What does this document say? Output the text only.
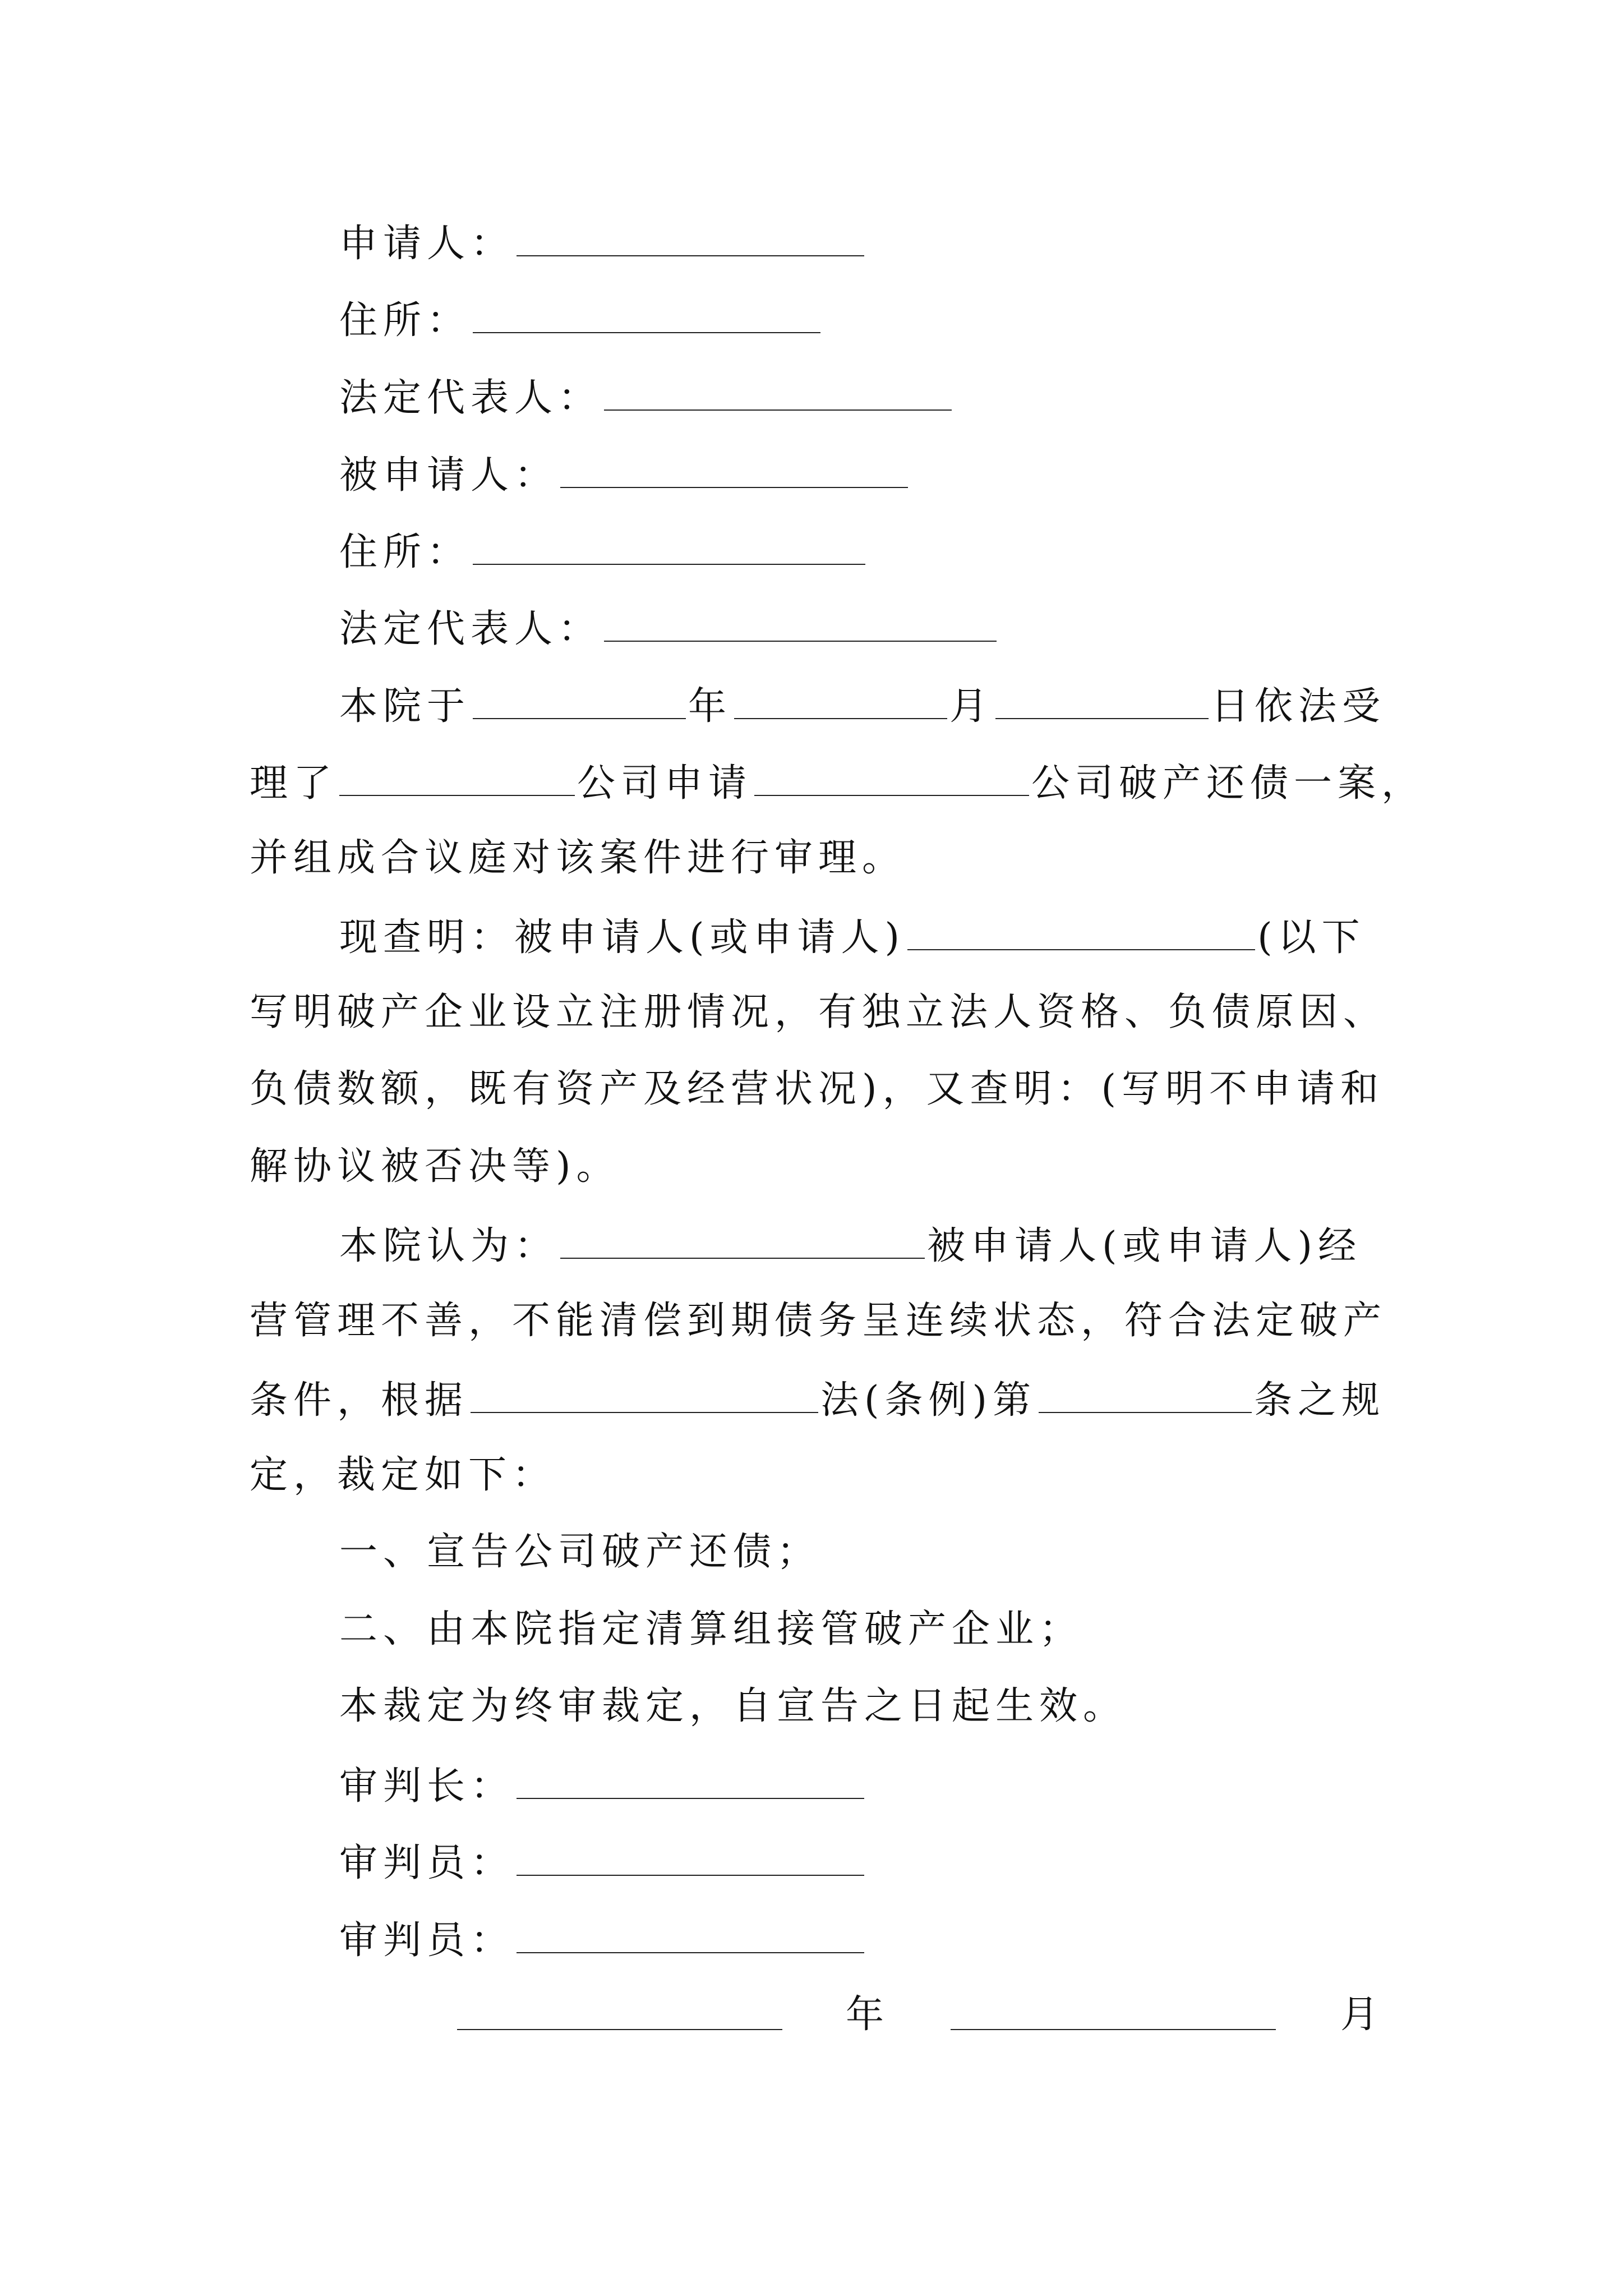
申请人：

住所：

法定代表人：

被申请人：

住所：

法定代表人：

本院于	年	月	日依法受

理了	公司申请	公司破产还债一案，

并组成合议庭对该案件进行审理。

现查明：被申请人(或申请人)	(以下

写明破产企业设立注册情况，有独立法人资格、负债原因、

负债数额，既有资产及经营状况)，又查明：(写明不申请和

解协议被否决等)。

本院认为：	被申请人(或申请人)经

营管理不善，不能清偿到期债务呈连续状态，符合法定破产

条件，根据	法(条例)第	条之规

定，裁定如下：

一、宣告公司破产还债；

二、由本院指定清算组接管破产企业；

本裁定为终审裁定，自宣告之日起生效。

审判长：

审判员：

审判员：

年	月
